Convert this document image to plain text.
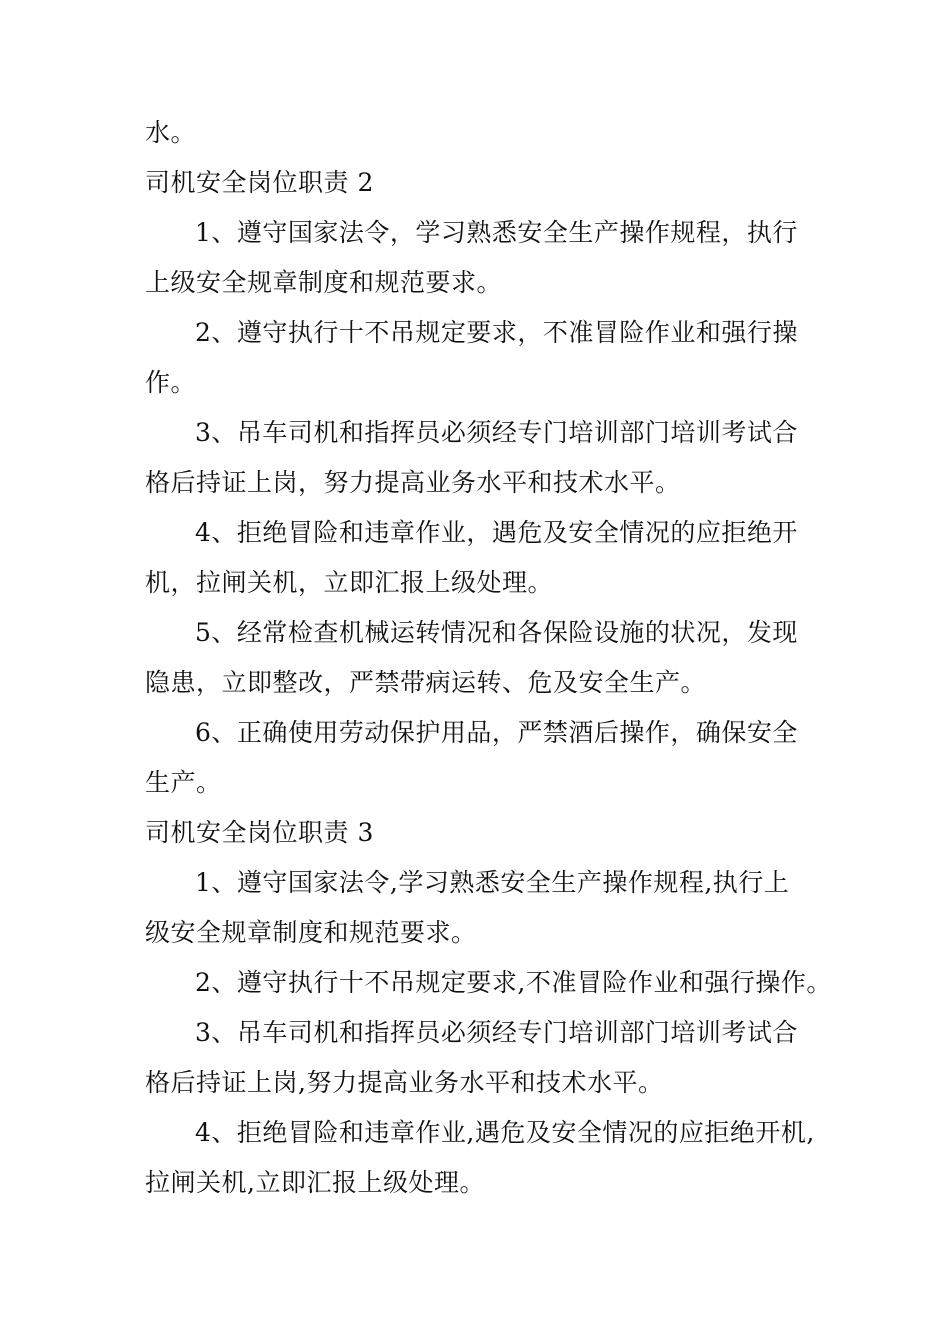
水。

司机安全岗位职责 2

1、遵守国家法令，学习熟悉安全生产操作规程，执行

上级安全规章制度和规范要求。

2、遵守执行十不吊规定要求，不准冒险作业和强行操

作。

3、吊车司机和指挥员必须经专门培训部门培训考试合

格后持证上岗，努力提高业务水平和技术水平。

4、拒绝冒险和违章作业，遇危及安全情况的应拒绝开

机，拉闸关机，立即汇报上级处理。

5、经常检查机械运转情况和各保险设施的状况，发现

隐患，立即整改，严禁带病运转、危及安全生产。

6、正确使用劳动保护用品，严禁酒后操作，确保安全

生产。

司机安全岗位职责 3

1、遵守国家法令,学习熟悉安全生产操作规程,执行上

级安全规章制度和规范要求。

2、遵守执行十不吊规定要求,不准冒险作业和强行操作。

3、吊车司机和指挥员必须经专门培训部门培训考试合

格后持证上岗,努力提高业务水平和技术水平。

4、拒绝冒险和违章作业,遇危及安全情况的应拒绝开机,

拉闸关机,立即汇报上级处理。
